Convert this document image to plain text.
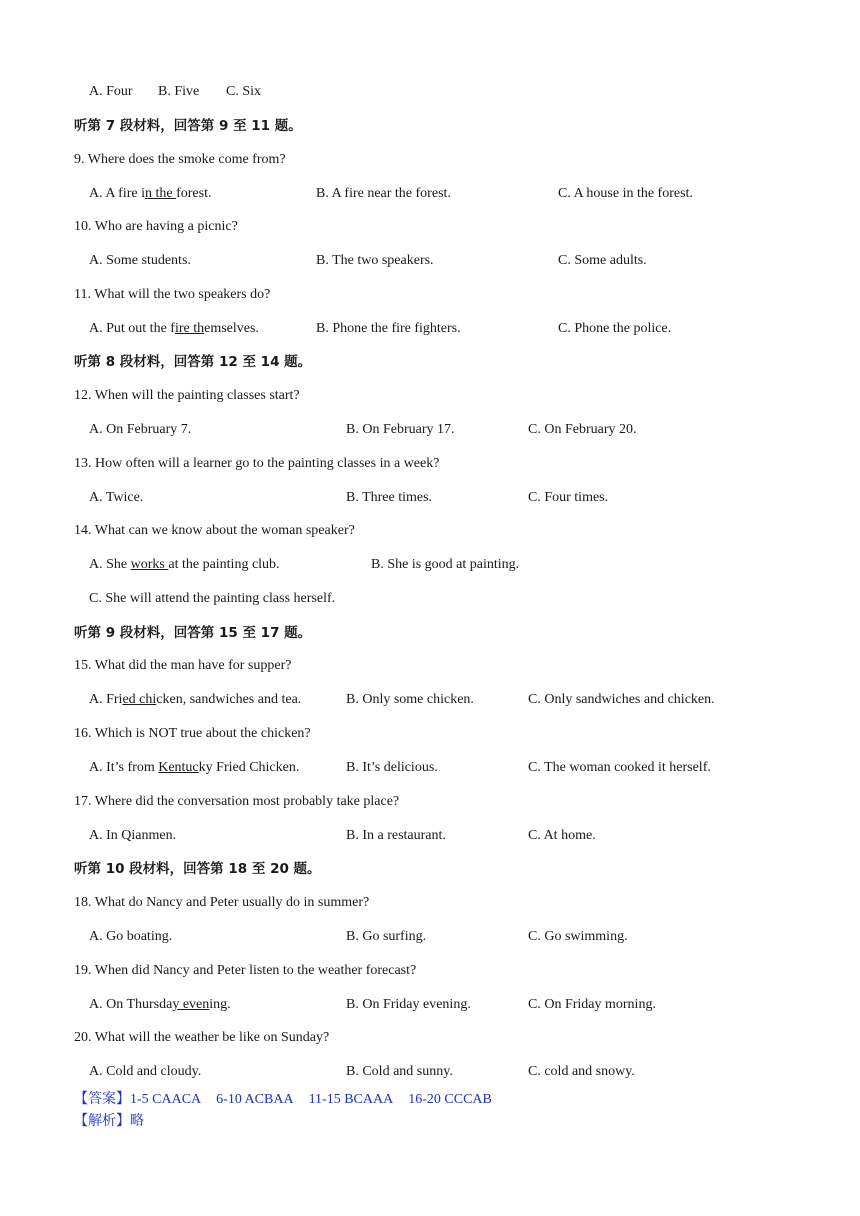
A. Four B. Five C. Six
听第 7 段材料，回答第 9 至 11 题。
9. Where does the smoke come from?
A. A fire in the forest.	B. A fire near the forest.	C. A house in the forest.
10. Who are having a picnic?
A. Some students.	B. The two speakers.	C. Some adults.
11. What will the two speakers do?
A. Put out the fire themselves.	B. Phone the fire fighters.	C. Phone the police.
听第 8 段材料，回答第 12 至 14 题。
12. When will the painting classes start?
A. On February 7.	B. On February 17.	C. On February 20.
13. How often will a learner go to the painting classes in a week?
A. Twice.	B. Three times.	C. Four times.
14. What can we know about the woman speaker?
A. She works at the painting club.	B. She is good at painting.
C. She will attend the painting class herself.
听第 9 段材料，回答第 15 至 17 题。
15. What did the man have for supper?
A. Fried chicken, sandwiches and tea.	B. Only some chicken.	C. Only sandwiches and chicken.
16. Which is NOT true about the chicken?
A. It’s from Kentucky Fried Chicken.	B. It’s delicious.	C. The woman cooked it herself.
17. Where did the conversation most probably take place?
A. In Qianmen.	B. In a restaurant.	C. At home.
听第 10 段材料，回答第 18 至 20 题。
18. What do Nancy and Peter usually do in summer?
A. Go boating.	B. Go surfing.	C. Go swimming.
19. When did Nancy and Peter listen to the weather forecast?
A. On Thursday evening.	B. On Friday evening.	C. On Friday morning.
20. What will the weather be like on Sunday?
A. Cold and cloudy.	B. Cold and sunny.	C. cold and snowy.
【答案】1-5 CAACA 6-10 ACBAA 11-15 BCAAA 16-20 CCCAB
【解析】略
